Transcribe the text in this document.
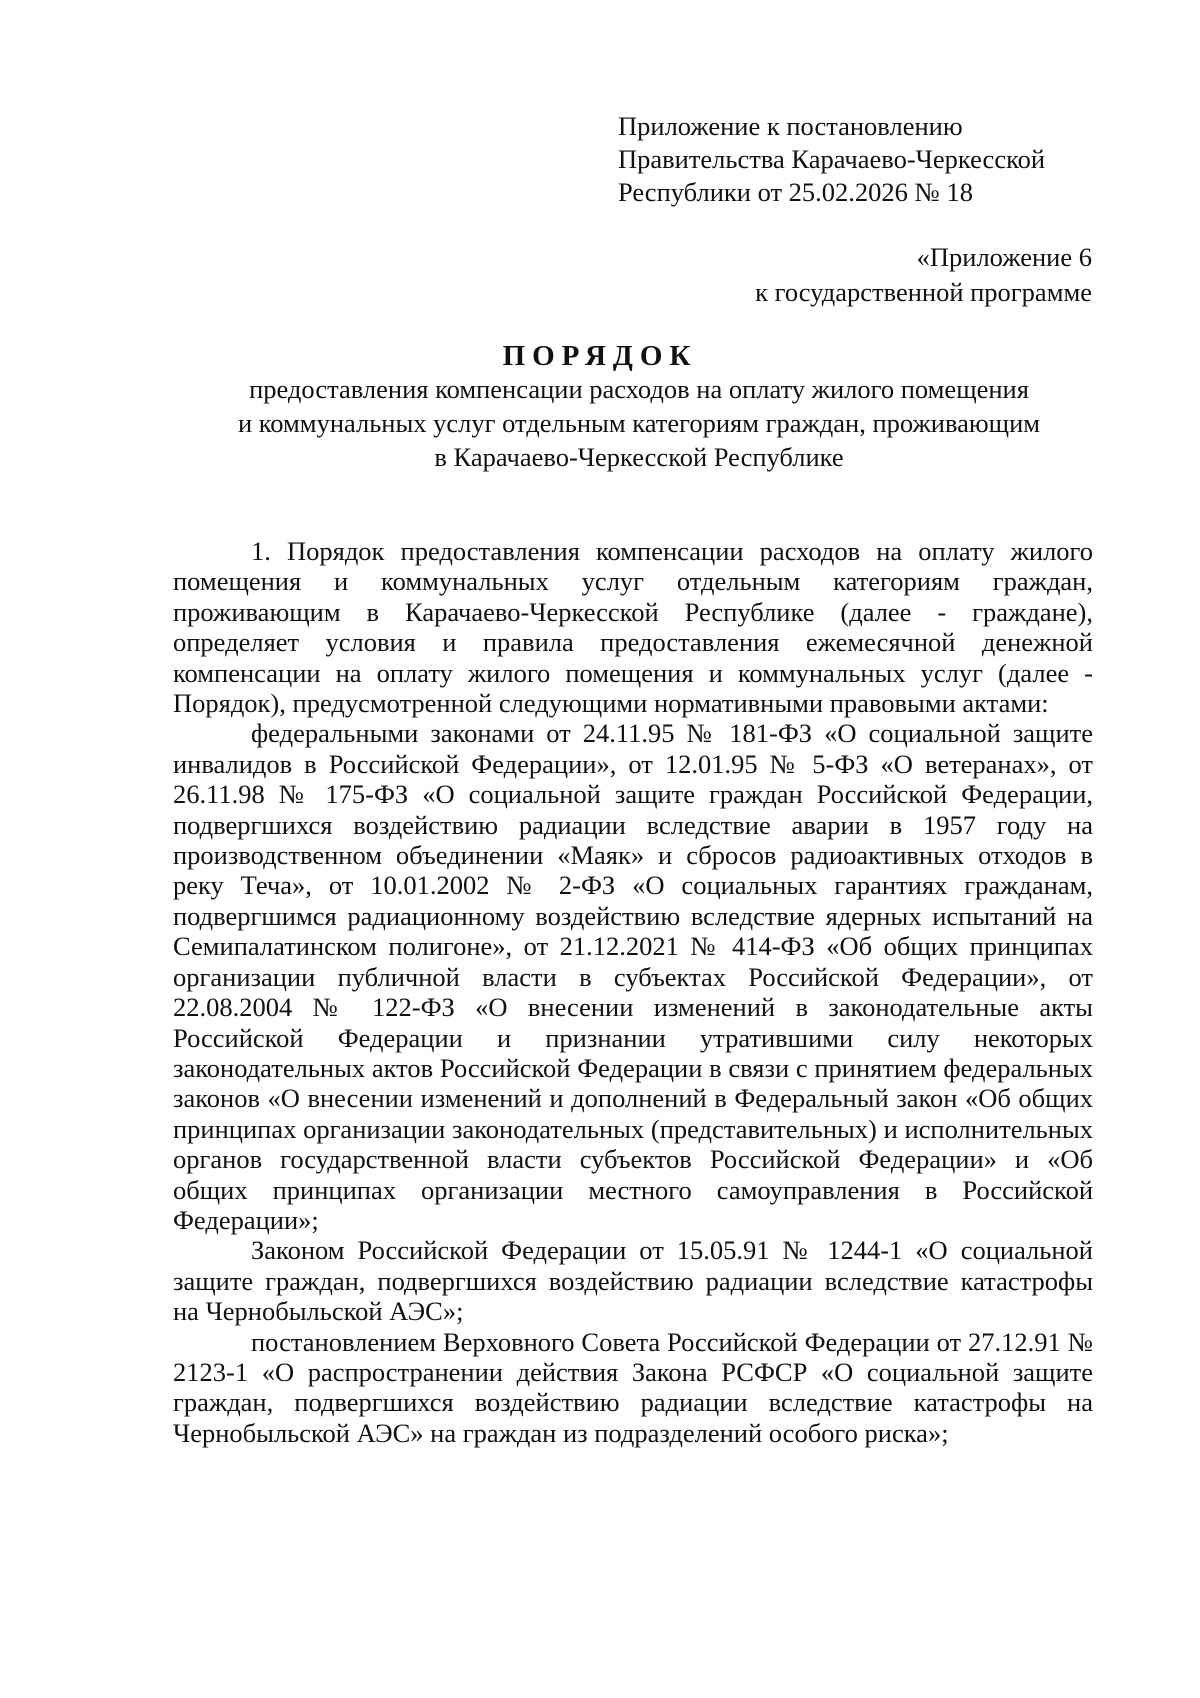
Приложение к постановлению
Правительства Карачаево-Черкесской
Республики от 25.02.2026 № 18
«Приложение 6
к государственной программе
ПОРЯДОК
предоставления компенсации расходов на оплату жилого помещения
и коммунальных услуг отдельным категориям граждан, проживающим
в Карачаево-Черкесской Республике

1. Порядок предоставления компенсации расходов на оплату жилого помещения и коммунальных услуг отдельным категориям граждан, проживающим в Карачаево-Черкесской Республике (далее - граждане), определяет условия и правила предоставления ежемесячной денежной компенсации на оплату жилого помещения и коммунальных услуг (далее - Порядок), предусмотренной следующими нормативными правовыми актами:

федеральными законами от 24.11.95 № 181-ФЗ «О социальной защите инвалидов в Российской Федерации», от 12.01.95 № 5-ФЗ «О ветеранах», от 26.11.98 № 175-ФЗ «О социальной защите граждан Российской Федерации, подвергшихся воздействию радиации вследствие аварии в 1957 году на производственном объединении «Маяк» и сбросов радиоактивных отходов в реку Теча», от 10.01.2002 № 2-ФЗ «О социальных гарантиях гражданам, подвергшимся радиационному воздействию вследствие ядерных испытаний на Семипалатинском полигоне», от 21.12.2021 № 414-ФЗ «Об общих принципах организации публичной власти в субъектах Российской Федерации», от 22.08.2004 № 122-ФЗ «О внесении изменений в законодательные акты Российской Федерации и признании утратившими силу некоторых законодательных актов Российской Федерации в связи с принятием федеральных законов «О внесении изменений и дополнений в Федеральный закон «Об общих принципах организации законодательных (представительных) и исполнительных органов государственной власти субъектов Российской Федерации» и «Об общих принципах организации местного самоуправления в Российской Федерации»;

Законом Российской Федерации от 15.05.91 № 1244-1 «О социальной защите граждан, подвергшихся воздействию радиации вследствие катастрофы на Чернобыльской АЭС»;

постановлением Верховного Совета Российской Федерации от 27.12.91 № 2123-1 «О распространении действия Закона РСФСР «О социальной защите граждан, подвергшихся воздействию радиации вследствие катастрофы на Чернобыльской АЭС» на граждан из подразделений особого риска»;
